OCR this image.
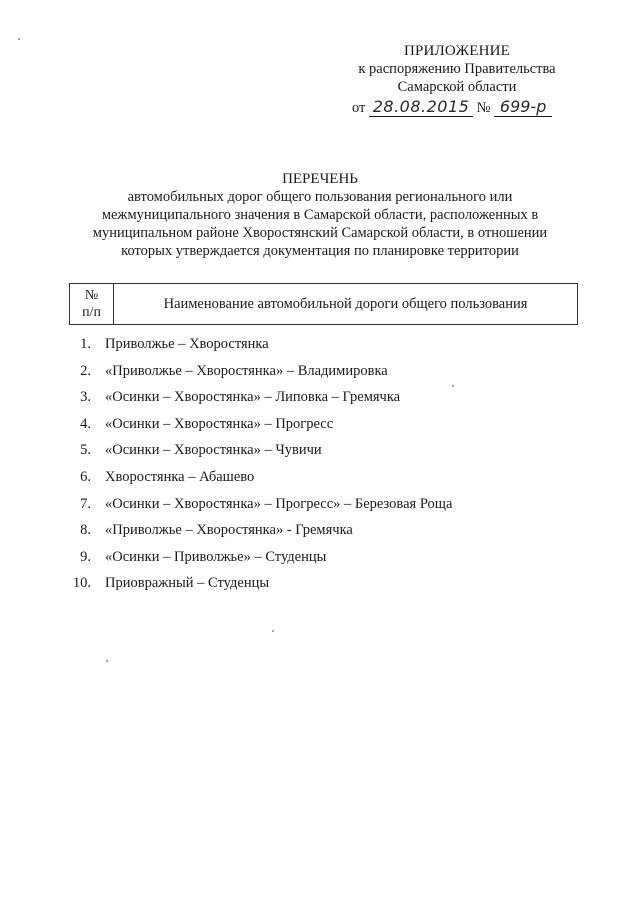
ПРИЛОЖЕНИЕ
к распоряжению Правительства
Самарской области
от 28.08.2015 № 699-р
ПЕРЕЧЕНЬ
автомобильных дорог общего пользования регионального или
межмуниципального значения в Самарской области, расположенных в
муниципальном районе Хворостянский Самарской области, в отношении
которых утверждается документация по планировке территории
№
п/п
Наименование автомобильной дороги общего пользования
1. Приволжье – Хворостянка
2. «Приволжье – Хворостянка» – Владимировка
3. «Осинки – Хворостянка» – Липовка – Гремячка
4. «Осинки – Хворостянка» – Прогресс
5. «Осинки – Хворостянка» – Чувичи
6. Хворостянка – Абашево
7. «Осинки – Хворостянка» – Прогресс» – Березовая Роща
8. «Приволжье – Хворостянка» - Гремячка
9. «Осинки – Приволжье» – Студенцы
10. Приовражный – Студенцы
